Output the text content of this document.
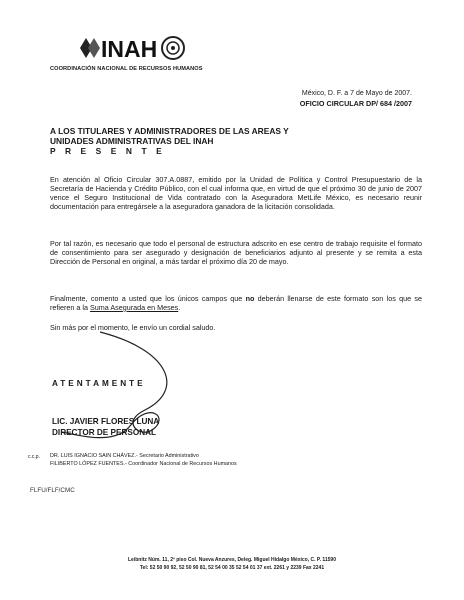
INAH
COORDINACIÓN NACIONAL DE RECURSOS HUMANOS
México, D. F. a 7 de Mayo de 2007.
OFICIO CIRCULAR DP/ 684 /2007
A LOS TITULARES Y ADMINISTRADORES DE LAS AREAS Y
UNIDADES ADMINISTRATIVAS DEL INAH
P R E S E N T E
En atención al Oficio Circular 307.A.0887, emitido por la Unidad de Política y Control Presupuestario de la Secretaría de Hacienda y Crédito Público, con el cual informa que, en virtud de que el próximo 30 de junio de 2007 vence el Seguro Institucional de Vida contratado con la Aseguradora MetLife México, es necesario reunir documentación para entregársele a la aseguradora ganadora de la licitación consolidada.
Por tal razón, es necesario que todo el personal de estructura adscrito en ese centro de trabajo requisite el formato de consentimiento para ser asegurado y designación de beneficiarios adjunto al presente y se remita a esta Dirección de Personal en original, a más tardar el próximo día 20 de mayo.
Finalmente, comento a usted que los únicos campos que no deberán llenarse de este formato son los que se refieren a la Suma Asegurada en Meses.
Sin más por el momento, le envío un cordial saludo.
ATENTAMENTE
LIC. JAVIER FLORES LUNA
DIRECTOR DE PERSONAL
c.c.p. DR. LUIS IGNACIO SAIN CHÁVEZ.- Secretario Administrativo
FILIBERTO LÓPEZ FUENTES.- Coordinador Nacional de Recursos Humanos
FLFU/FLF/CMC
Leibnitz Núm. 11, 2º piso Col. Nueva Anzures, Deleg. Miguel Hidalgo México, C. P. 11590
Tel: 52 50 90 92, 52 50 90 81, 52 54 00 35 52 54 01 37 ext. 2261 y 2239 Fax 2241
